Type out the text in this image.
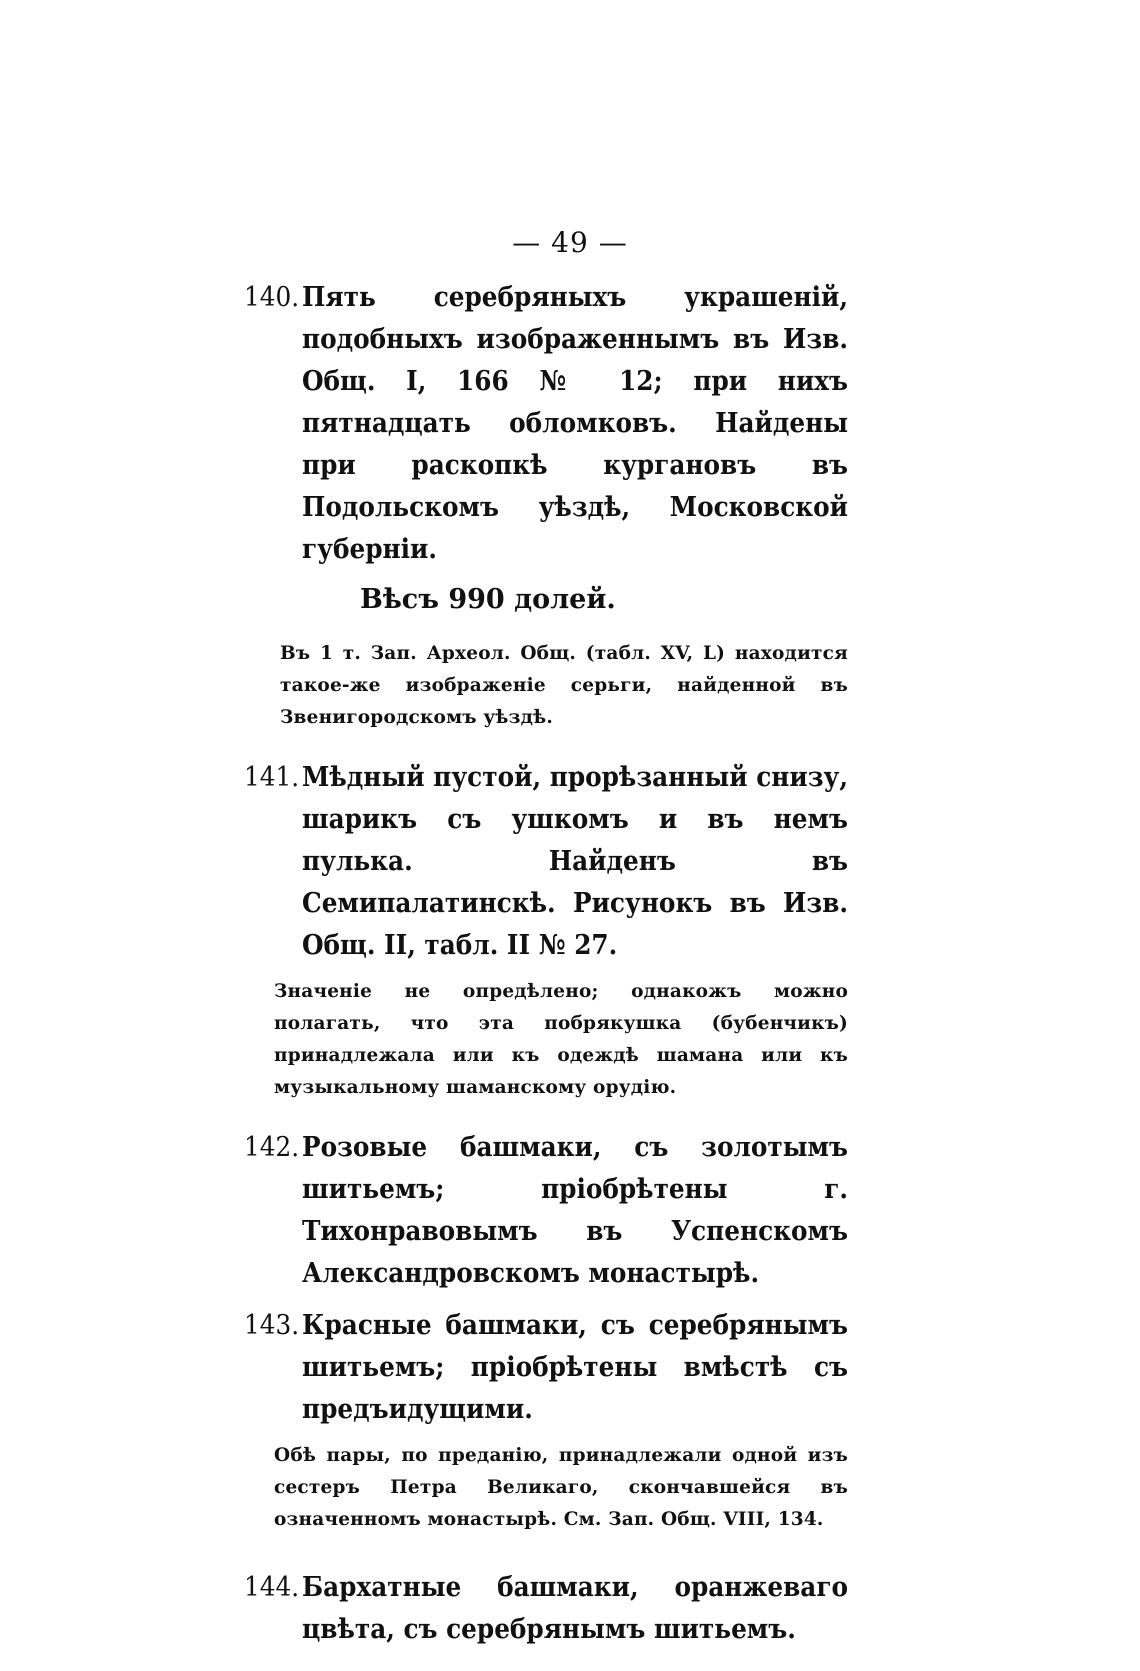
— 49 —

140. Пять серебряныхъ украшеній, подобныхъ изображеннымъ въ Изв. Общ. I, 166 № 12; при нихъ пятнадцать обломковъ. Найдены при раскопкѣ кургановъ въ Подольскомъ уѣздѣ, Московской губерніи.

Вѣсъ 990 долей.

Въ 1 т. Зап. Археол. Общ. (табл. XV, L) находится такое-же изображеніе серьги, найденной въ Звенигородскомъ уѣздѣ.

141. Мѣдный пустой, прорѣзанный снизу, шарикъ съ ушкомъ и въ немъ пулька. Найденъ въ Семипалатинскѣ. Рисунокъ въ Изв. Общ. II, табл. II № 27.

Значеніе не опредѣлено; однакожъ можно полагать, что эта побрякушка (бубенчикъ) принадлежала или къ одеждѣ шамана или къ музыкальному шаманскому орудію.

142. Розовые башмаки, съ золотымъ шитьемъ; пріобрѣтены г. Тихонравовымъ въ Успенскомъ Александровскомъ монастырѣ.

143. Красные башмаки, съ серебрянымъ шитьемъ; пріобрѣтены вмѣстѣ съ предъидущими.

Обѣ пары, по преданію, принадлежали одной изъ сестеръ Петра Великаго, скончавшейся въ означенномъ монастырѣ. См. Зап. Общ. VIII, 134.

144. Бархатные башмаки, оранжеваго цвѣта, съ серебрянымъ шитьемъ.
